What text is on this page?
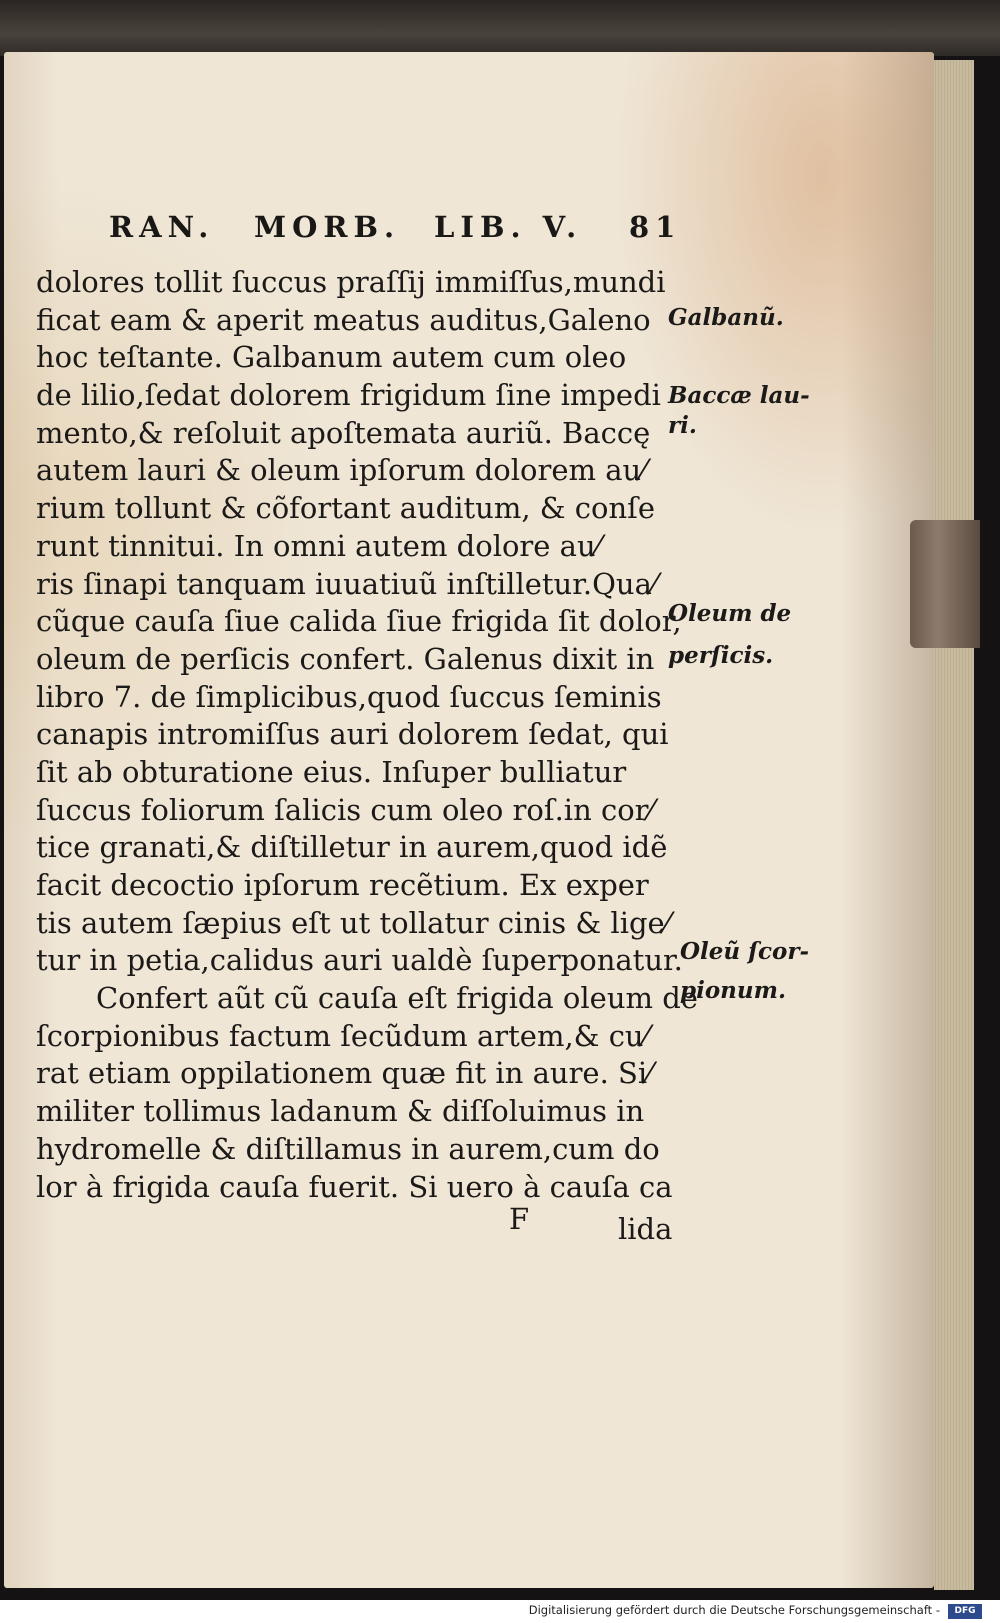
RAN. MORB. LIB. V. 81
dolores tollit ſuccus praſſij immiſſus,mundi
ficat eam & aperit meatus auditus,Galeno
hoc teſtante. Galbanum autem cum oleo
de lilio,ſedat dolorem frigidum ſine impedi
mento,& reſoluit apoſtemata auriũ. Baccę
autem lauri & oleum ipſorum dolorem au⁄
rium tollunt & cõfortant auditum, & conſe
runt tinnitui. In omni autem dolore au⁄
ris ſinapi tanquam iuuatiuũ inſtilletur.Qua⁄
cũque cauſa ſiue calida ſiue frigida ſit dolor,
oleum de perſicis confert. Galenus dixit in
libro 7. de ſimplicibus,quod ſuccus ſeminis
canapis intromiſſus auri dolorem ſedat, qui
ſit ab obturatione eius. Inſuper bulliatur
ſuccus foliorum ſalicis cum oleo roſ.in cor⁄
tice granati,& diſtilletur in aurem,quod idẽ
facit decoctio ipſorum recẽtium. Ex exper
tis autem ſæpius eſt ut tollatur cinis & lige⁄
tur in petia,calidus auri ualdè ſuperponatur.
Confert aũt cũ cauſa eſt frigida oleum de
ſcorpionibus factum ſecũdum artem,& cu⁄
rat etiam oppilationem quæ fit in aure. Si⁄
militer tollimus ladanum & diſſoluimus in
hydromelle & diſtillamus in aurem,cum do
lor à frigida cauſa fuerit. Si uero à cauſa ca
F	lida
Galbanũ.
Baccæ lau-
ri.
Oleum de
perſicis.
Oleũ ſcor-
pionum.
Digitalisierung gefördert durch die Deutsche Forschungsgemeinschaft -	DFG
